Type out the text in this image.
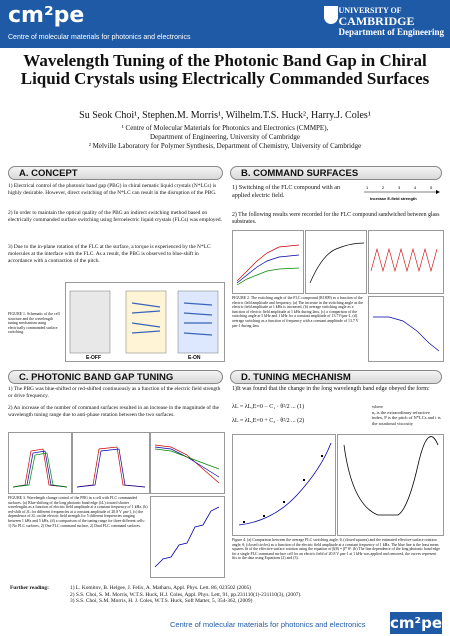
cm²pe
Centre of molecular materials for photonics and electronics
UNIVERSITY OF
CAMBRIDGE
Department of Engineering
Wavelength Tuning of the Photonic Band Gap in Chiral Liquid Crystals using Electrically Commanded Surfaces
Su Seok Choi¹, Stephen.M. Morris¹, Wilhelm.T.S. Huck², Harry.J. Coles¹
¹ Centre of Molecular Materials for Photonics and Electronics (CMMPE),
Department of Engineering, University of Cambridge
² Melville Laboratory for Polymer Synthesis, Department of Chemistry, University of Cambridge
A. CONCEPT
1) Electrical control of the photonic band gap (PBG) in chiral nematic liquid crystals (N*LCs) is highly desirable. However, direct switching of the N*LC can result in the disruption of the PBG.
2) In order to maintain the optical quality of the PBG an indirect switching method based on electrically commanded surface switching using ferroelectric liquid crystals (FLCs) was employed.
3) Due to the in-plane rotation of the FLC at the surface, a torque is experienced by the N*LC molecules at the interface with the FLC. As a result, the PBG is observed to blue-shift in accordance with a contraction of the pitch.
E-OFF	E-ON
FIGURE 1. Schematic of the cell structure and the wavelength tuning mechanism using electrically commanded surface switching.
B. COMMAND SURFACES
1) Switching of the FLC compound with an applied electric field.
1	2	3	4	5
Increase E-field strength
2) The following results were recorded for the FLC compound sandwiched between glass substrates.
FIGURE 2. The switching angle of the FLC compound (R1809) as a function of the electric field amplitude and frequency. (a) The increase in the switching angle as the electric field amplitude at 1 kHz is increased, (b) average switching angle as a function of electric field amplitude at 1 kHz during 2ms, (c) a comparison of the switching angle at 5 kHz and 1 kHz for a constant amplitude of 13.7V/μm-1, (d) average switching as a function of frequency with a constant amplitude of 13.7 V μm-1 during 2ms
C. PHOTONIC BAND GAP TUNING
1) The PBG was blue-shifted or red-shifted continuously as a function of the electric field strength or drive frequency.
2) An increase of the number of command surfaces resulted in an increase in the magnitude of the wavelength tuning range due to anti-phase rotation between the two surfaces.
FIGURE 3. Wavelength change control of the PBG in a cell with FLC commanded surfaces. (a) Blue-shifting of the long photonic band edge (λL) toward shorter wavelengths as a function of electric field amplitude at a constant frequency of 1 kHz, (b) red-shift of λL for different frequencies at a constant amplitude of 20.8 V μm-1, (c) the dependence of λL on the electric field strength for 5 different frequencies ranging between 1 kHz and 5 kHz, (d) a comparison of the tuning range for three different cells: 1) No FLC surfaces, 2) One FLC command surface, 2) Dual FLC command surfaces.
D. TUNING MECHANISM
1)It was found that the change in the long wavelength band edge obeyed the form:
λL = λL,E=0 − C₁ · θ²/2 ... (1)
λL = λL,E=0 + C₂ · θ²/2 ... (2)
where
nₑ is the extraordinary refractive index, P is the pitch of N*LCs and t is the rotational viscosity
Figure 4. (a) Comparison between the average FLC switching angle, θ, (closed squares) and the estimated effective surface rotation angle, θ, (closed circles) as a function of the electric field amplitude at a constant frequency of 1 kHz. The blue line is the least mean squares fit of the effective surface rotation using the equation of β(θ) = β* θ². (b) The line dependence of the long photonic band edge for a single FLC command surface cell for an electric field of 20.8 V μm-1 at 1 kHz was applied and removed, the curves represent fits to the data using Equations (2) and (3).
Further reading:	1) L. Komitov, B. Helgee, J. Felix, A. Matharu, Appl. Phys. Lett. 86, 023502 (2005)
2) S.S. Choi, S. M. Morris, W.T.S. Huck, H.J. Coles, Appl. Phys. Lett, 91, pp.231110(1)-231110(3), (2007).
3) S.S. Choi, S.M. Morris, H. J. Coles, W.T.S. Huck, Soft Matter, 5, 354-362, (2009)
Centre of molecular materials for photonics and electronics cm²pe
